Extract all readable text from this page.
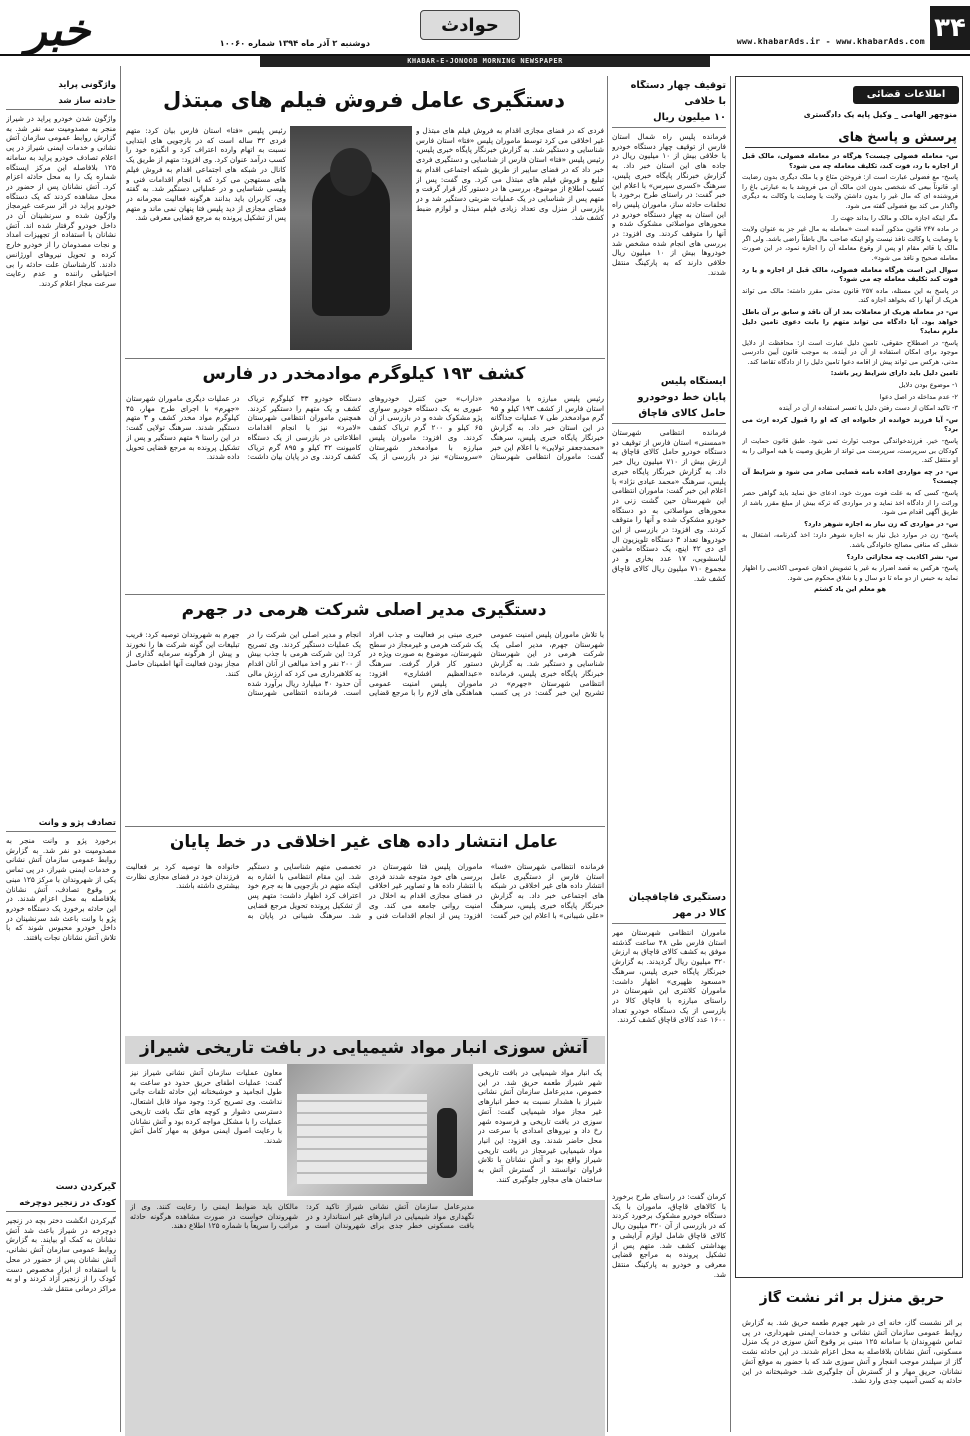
۳۴
www.khabarAds.ir - www.khabarAds.com
حوادث
خبر	دوشنبه ۲ آذر ماه ۱۳۹۴ شماره ۱۰۰۶۰
KHABAR-E-JONOOB MORNING NEWSPAPER
اطلاعات قضائی
منوچهر الهامی _ وکیل پایه یک دادگستری
پرسش و پاسخ های

س- معامله فضولی چیست؟ هرگاه در معامله فضولی، مالک قبل از اجازه با رد، فوت کند، تکلیف معامله چه می شود؟

پاسخ- مع فضولی عبارت است از: فروختن متاع و یا ملک دیگری بدون رضایت او. قانوناً بیعی که شخصی بدون اذن مالک آن می فروشد با به عبارتی باغ را فروشنده ای که مال غیر را بدون داشتن ولایت یا وصایت یا وکالت به دیگری واگذار می کند بیع فضولی گفته می شود.

مگر اینکه اجازه مالک و مالک را بداند جهت را.

در ماده ۲۴۷ قانون مذکور آمده است «معامله به مال غیر جز به عنوان ولایت یا وصایت یا وکالت نافذ نیست ولو اینکه صاحب مال باطناً راضی باشد. ولی اگر مالک یا قائم مقام او پس از وقوع معامله آن را اجازه نمود، در این صورت معامله صحیح و نافذ می شود».

سوال این است هرگاه معامله فضولی، مالک قبل از اجازه و یا رد فوت کند تکلیف معامله چه می شود؟

در پاسخ به این مسئله، ماده ۲۵۷ قانون مدنی مقرر داشته: مالک می تواند هریک از آنها را که بخواهد اجازه کند.

س- در معامله هریک از معاملات بعد از آن ناقد و سابق بر آن باطل خواهد بود. آیا دادگاه می تواند متهم را بابت دعوی تامین دلیل ملزم نماید؟

پاسخ- در اصطلاح حقوقی، تامین دلیل عبارت است از: محافظت از دلایل موجود برای امکان استفاده از آن در آینده. به موجب قانون آیین دادرسی مدنی، هرکس می تواند پیش از اقامه دعوا تامین دلیل را از دادگاه تقاضا کند.

تامین دلیل باید دارای شرایط زیر باشد:

۱- موضوع بودن دلایل

۲- عدم مداخله در اصل دعوا

۳- تاکید امکان از دست رفتن دلیل یا تعسر استفاده از آن در آینده

س- آیا فرزند خوانده از خانواده ای که او را قبول کرده ارث می برد؟

پاسخ- خیر. فرزندخواندگی موجب توارث نمی شود. طبق قانون حمایت از کودکان بی سرپرست، سرپرست می تواند از طریق وصیت یا هبه اموالی را به او منتقل کند.

س- در چه مواردی افاده نامه قضایی صادر می شود و شرایط آن چیست؟

پاسخ- کسی که به علت فوت مورث خود، ادعای حق نماید باید گواهی حصر وراثت را از دادگاه اخذ نماید و در مواردی که ترکه بیش از مبلغ مقرر باشد از طریق آگهی اقدام می شود.

س- در مواردی که زن نیاز به اجازه شوهر دارد؟

پاسخ- زن در موارد ذیل نیاز به اجازه شوهر دارد: اخذ گذرنامه، اشتغال به شغلی که منافی مصالح خانوادگی باشد.

س- نشر اکاذیب چه مجازاتی دارد؟

پاسخ- هرکس به قصد اضرار به غیر یا تشویش اذهان عمومی اکاذیبی را اظهار نماید به حبس از دو ماه تا دو سال و یا شلاق محکوم می شود.

هو معلم این یاد کشتم

حریق منزل بر اثر نشت گاز
بر اثر نشست گاز، خانه ای در شهر جهرم طعمه حریق شد. به گزارش روابط عمومی سازمان آتش نشانی و خدمات ایمنی شهرداری، در پی تماس شهروندان با سامانه ۱۲۵ مبنی بر وقوع آتش سوزی در یک منزل مسکونی، آتش نشانان بلافاصله به محل اعزام شدند. در این حادثه نشت گاز از سیلندر موجب انفجار و آتش سوزی شد که با حضور به موقع آتش نشانان، حریق مهار و از گسترش آن جلوگیری شد. خوشبختانه در این حادثه به کسی آسیب جدی وارد نشد.
توقیف چهار دستگاه
با خلافی
۱۰ میلیون ریال
فرمانده پلیس راه شمال استان فارس از توقیف چهار دستگاه خودرو با خلافی بیش از ۱۰ میلیون ریال در جاده های این استان خبر داد. به گزارش خبرنگار پایگاه خبری پلیس، سرهنگ «کسری سپرس» با اعلام این خبر گفت: در راستای طرح برخورد با تخلفات حادثه ساز، ماموران پلیس راه این استان به چهار دستگاه خودرو در محورهای مواصلاتی مشکوک شده و آنها را متوقف کردند. وی افزود: در بررسی های انجام شده مشخص شد خودروها بیش از ۱۰ میلیون ریال خلافی دارند که به پارکینگ منتقل شدند.
ایستگاه پلیس
پایان خط دوخودرو
حامل کالای قاچاق
فرمانده انتظامی شهرستان «ممسنی» استان فارس از توقیف دو دستگاه خودرو حامل کالای قاچاق به ارزش بیش از ۷۱۰ میلیون ریال خبر داد. به گزارش خبرنگار پایگاه خبری پلیس، سرهنگ «محمد عبادی نژاد» با اعلام این خبر گفت: ماموران انتظامی این شهرستان حین گشت زنی در محورهای مواصلاتی به دو دستگاه خودرو مشکوک شده و آنها را متوقف کردند. وی افزود: در بازرسی از این خودروها تعداد ۳ دستگاه تلویزیون ال ای دی ۴۲ اینچ، یک دستگاه ماشین لباسشویی، ۱۷ عدد بخاری و در مجموع ۷۱۰ میلیون ریال کالای قاچاق کشف شد.
دستگیری قاچاقچیان
کالا در مهر
ماموران انتظامی شهرستان مهر استان فارس طی ۴۸ ساعت گذشته موفق به کشف کالای قاچاق به ارزش ۳۲۰ میلیون ریال گردیدند. به گزارش خبرنگار پایگاه خبری پلیس، سرهنگ «مسعود ظهیری» اظهار داشت: ماموران کلانتری این شهرستان در راستای مبارزه با قاچاق کالا در بازرسی از یک دستگاه خودرو تعداد ۱۶۰۰ عدد کالای قاچاق کشف کردند.
کرمان گفت: در راستای طرح برخورد با کالاهای قاچاق، ماموران با یک دستگاه خودرو مشکوک برخورد کردند که در بازرسی از آن ۳۲۰ میلیون ریال کالای قاچاق شامل لوازم آرایشی و بهداشتی کشف شد. متهم پس از تشکیل پرونده به مراجع قضایی معرفی و خودرو به پارکینگ منتقل شد.
دستگیری عامل فروش فیلم های مبتذل
فردی که در فضای مجازی اقدام به فروش فیلم های مبتذل و غیر اخلاقی می کرد توسط ماموران پلیس «فتا» استان فارس شناسایی و دستگیر شد. به گزارش خبرنگار پایگاه خبری پلیس، رئیس پلیس «فتا» استان فارس از شناسایی و دستگیری فردی خبر داد که در فضای سایبر از طریق شبکه اجتماعی اقدام به تبلیغ و فروش فیلم های مبتذل می کرد. وی گفت: پس از کسب اطلاع از موضوع، بررسی ها در دستور کار قرار گرفت و متهم پس از شناسایی در یک عملیات ضربتی دستگیر شد و در بازرسی از منزل وی تعداد زیادی فیلم مبتذل و لوازم ضبط کشف شد.
رئیس پلیس «فتا» استان فارس بیان کرد: متهم فردی ۳۲ ساله است که در بازجویی های ابتدایی نسبت به اتهام وارده اعتراف کرد و انگیزه خود را کسب درآمد عنوان کرد. وی افزود: متهم از طریق یک کانال در شبکه های اجتماعی اقدام به فروش فیلم های مستهجن می کرد که با انجام اقدامات فنی و پلیسی شناسایی و در عملیاتی دستگیر شد. به گفته وی، کاربران باید بدانند هرگونه فعالیت مجرمانه در فضای مجازی از دید پلیس فتا پنهان نمی ماند و متهم پس از تشکیل پرونده به مرجع قضایی معرفی شد.
کشف ۱۹۳ کیلوگرم موادمخدر در فارس
رئیس پلیس مبارزه با موادمخدر استان فارس از کشف ۱۹۳ کیلو و ۹۵ گرم موادمخدر طی ۷ عملیات جداگانه در این استان خبر داد. به گزارش خبرنگار پایگاه خبری پلیس، سرهنگ «محمدجعفر تولایی» با اعلام این خبر گفت: ماموران انتظامی شهرستان «داراب» حین کنترل خودروهای عبوری به یک دستگاه خودرو سواری پژو مشکوک شده و در بازرسی از آن ۶۵ کیلو و ۲۰۰ گرم تریاک کشف کردند. وی افزود: ماموران پلیس مبارزه با موادمخدر شهرستان «سروستان» نیز در بازرسی از یک دستگاه خودرو ۳۳ کیلوگرم تریاک کشف و یک متهم را دستگیر کردند. همچنین ماموران انتظامی شهرستان «لامرد» نیز با انجام اقدامات اطلاعاتی در بازرسی از یک دستگاه کامیونت ۴۲ کیلو و ۸۹۵ گرم تریاک کشف کردند. وی در پایان بیان داشت: در عملیات دیگری ماموران شهرستان «جهرم» با اجرای طرح مهار، ۴۵ کیلوگرم مواد مخدر کشف و ۳ متهم دستگیر شدند. سرهنگ تولایی گفت: در این راستا ۹ متهم دستگیر و پس از تشکیل پرونده به مرجع قضایی تحویل داده شدند.
دستگیری مدیر اصلی شرکت هرمی در جهرم
با تلاش ماموران پلیس امنیت عمومی شهرستان جهرم، مدیر اصلی یک شرکت هرمی در این شهرستان شناسایی و دستگیر شد. به گزارش خبرنگار پایگاه خبری پلیس، فرمانده انتظامی شهرستان «جهرم» در تشریح این خبر گفت: در پی کسب خبری مبنی بر فعالیت و جذب افراد یک شرکت هرمی و غیرمجاز در سطح شهرستان، موضوع به صورت ویژه در دستور کار قرار گرفت. سرهنگ «عبدالعظیم افشاری» افزود: ماموران پلیس امنیت عمومی هماهنگی های لازم را با مرجع قضایی انجام و مدیر اصلی این شرکت را در یک عملیات دستگیر کردند. وی تصریح کرد: این شرکت هرمی با جذب بیش از ۲۰۰ نفر و اخذ مبالغی از آنان اقدام به کلاهبرداری می کرد که ارزش مالی آن حدود ۴۰ میلیارد ریال برآورد شده است. فرمانده انتظامی شهرستان جهرم به شهروندان توصیه کرد: فریب تبلیغات این گونه شرکت ها را نخورند و پیش از هرگونه سرمایه گذاری از مجاز بودن فعالیت آنها اطمینان حاصل کنند.
عامل انتشار داده های غیر اخلاقی در خط پایان
فرمانده انتظامی شهرستان «فسا» استان فارس از دستگیری عامل انتشار داده های غیر اخلاقی در شبکه های اجتماعی خبر داد. به گزارش خبرنگار پایگاه خبری پلیس، سرهنگ «علی شیبانی» با اعلام این خبر گفت: ماموران پلیس فتا شهرستان در بررسی های خود متوجه شدند فردی با انتشار داده ها و تصاویر غیر اخلاقی در فضای مجازی اقدام به اخلال در امنیت روانی جامعه می کند. وی افزود: پس از انجام اقدامات فنی و تخصصی متهم شناسایی و دستگیر شد. این مقام انتظامی با اشاره به اینکه متهم در بازجویی ها به جرم خود اعتراف کرد اظهار داشت: متهم پس از تشکیل پرونده تحویل مرجع قضایی شد. سرهنگ شیبانی در پایان به خانواده ها توصیه کرد بر فعالیت فرزندان خود در فضای مجازی نظارت بیشتری داشته باشند.
آتش سوزی انبار مواد شیمیایی در بافت تاریخی شیراز
یک انبار مواد شیمیایی در بافت تاریخی شهر شیراز طعمه حریق شد. در این خصوص، مدیرعامل سازمان آتش نشانی شیراز با هشدار نسبت به خطر انبارهای غیر مجاز مواد شیمیایی گفت: آتش سوزی در بافت تاریخی و فرسوده شهر رخ داد و نیروهای امدادی با سرعت در محل حاضر شدند. وی افزود: این انبار مواد شیمیایی غیرمجاز در بافت تاریخی شیراز واقع بود و آتش نشانان با تلاش فراوان توانستند از گسترش آتش به ساختمان های مجاور جلوگیری کنند.
معاون عملیات سازمان آتش نشانی شیراز نیز گفت: عملیات اطفای حریق حدود دو ساعت به طول انجامید و خوشبختانه این حادثه تلفات جانی نداشت. وی تصریح کرد: وجود مواد قابل اشتعال، دسترسی دشوار و کوچه های تنگ بافت تاریخی عملیات را با مشکل مواجه کرده بود و آتش نشانان با رعایت اصول ایمنی موفق به مهار کامل آتش شدند.
مدیرعامل سازمان آتش نشانی شیراز تاکید کرد: نگهداری مواد شیمیایی در انبارهای غیر استاندارد و در بافت مسکونی خطر جدی برای شهروندان است و مالکان باید ضوابط ایمنی را رعایت کنند. وی از شهروندان خواست در صورت مشاهده هرگونه حادثه مراتب را سریعاً با شماره ۱۲۵ اطلاع دهند.
واژگونی پراید
حادثه ساز شد
واژگون شدن خودرو پراید در شیراز منجر به مصدومیت سه نفر شد. به گزارش روابط عمومی سازمان آتش نشانی و خدمات ایمنی شیراز در پی اعلام تصادف خودرو پراید به سامانه ۱۲۵ بلافاصله این مرکز ایستگاه شماره یک را به محل حادثه اعزام کرد. آتش نشانان پس از حضور در محل مشاهده کردند که یک دستگاه خودرو پراید در اثر سرعت غیرمجاز واژگون شده و سرنشینان آن در داخل خودرو گرفتار شده اند. آتش نشانان با استفاده از تجهیزات امداد و نجات مصدومان را از خودرو خارج کرده و تحویل نیروهای اورژانس دادند. کارشناسان علت حادثه را بی احتیاطی راننده و عدم رعایت سرعت مجاز اعلام کردند.
تصادف پژو و وانت
برخورد پژو و وانت منجر به مصدومیت دو نفر شد. به گزارش روابط عمومی سازمان آتش نشانی و خدمات ایمنی شیراز، در پی تماس یکی از شهروندان با مرکز ۱۲۵ مبنی بر وقوع تصادف، آتش نشانان بلافاصله به محل اعزام شدند. در این حادثه برخورد یک دستگاه خودرو پژو با وانت باعث شد سرنشینان در داخل خودرو محبوس شوند که با تلاش آتش نشانان نجات یافتند.
گیرکردن دست
کودک در زنجیر دوچرخه
گیرکردن انگشت دختر بچه در زنجیر دوچرخه در شیراز باعث شد آتش نشانان به کمک او بیایند. به گزارش روابط عمومی سازمان آتش نشانی، آتش نشانان پس از حضور در محل با استفاده از ابزار مخصوص دست کودک را از زنجیر آزاد کردند و او به مراکز درمانی منتقل شد.
